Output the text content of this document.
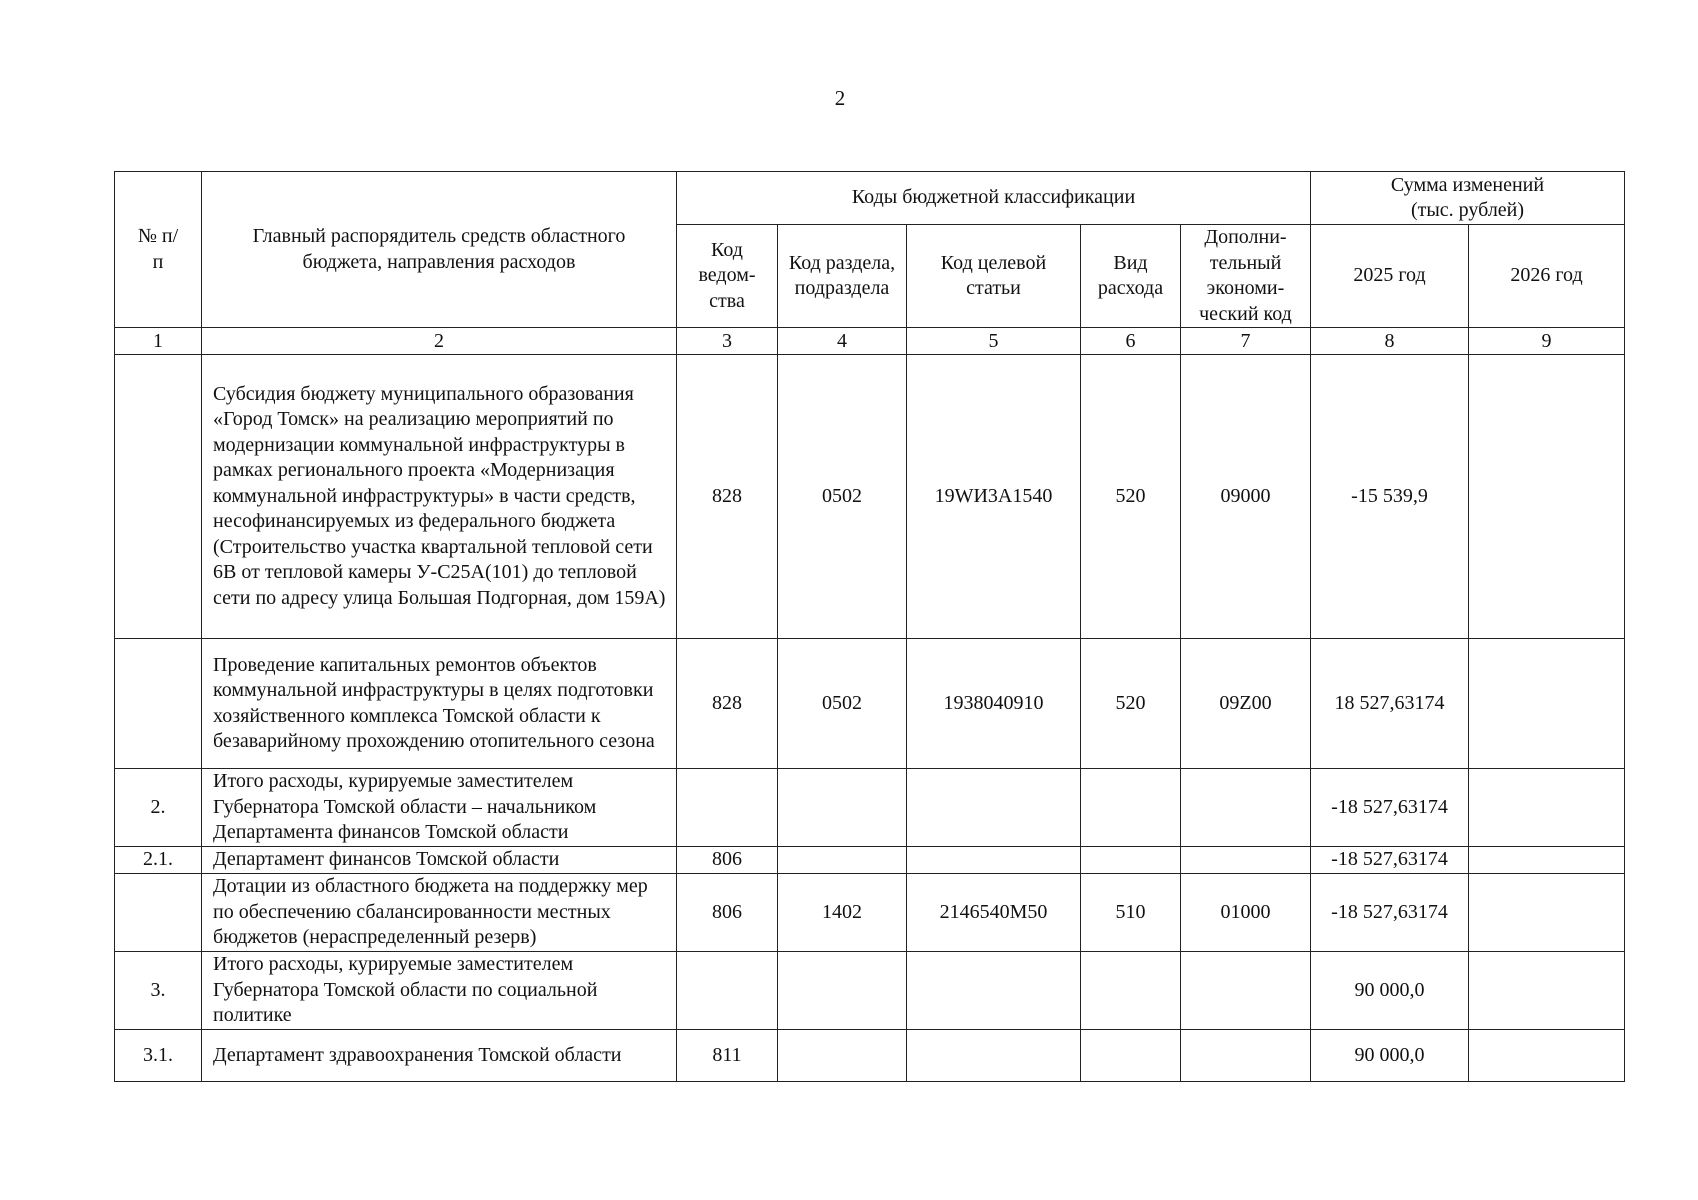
2
№ п/п	Главный распорядитель средств областного бюджета, направления расходов	Коды бюджетной классификации					Сумма изменений (тыс. рублей)	
		Код ведом-ства	Код раздела, подраздела	Код целевой статьи	Вид расхода	Дополни-тельный экономи-ческий код	2025 год	2026 год
1	2	3	4	5	6	7	8	9
	Субсидия бюджету муниципального образования «Город Томск» на реализацию мероприятий по модернизации коммунальной инфраструктуры в рамках регионального проекта «Модернизация коммунальной инфраструктуры» в части средств, несофинансируемых из федерального бюджета (Строительство участка квартальной тепловой сети 6В от тепловой камеры У-С25А(101) до тепловой сети по адресу улица Большая Подгорная, дом 159А)	828	0502	19WИ3А1540	520	09000	-15 539,9	
	Проведение капитальных ремонтов объектов коммунальной инфраструктуры в целях подготовки хозяйственного комплекса Томской области к безаварийному прохождению отопительного сезона	828	0502	1938040910	520	09Z00	18 527,63174	
2.	Итого расходы, курируемые заместителем Губернатора Томской области – начальником Департамента финансов Томской области						-18 527,63174	
2.1.	Департамент финансов Томской области	806					-18 527,63174	
	Дотации из областного бюджета на поддержку мер по обеспечению сбалансированности местных бюджетов (нераспределенный резерв)	806	1402	2146540M50	510	01000	-18 527,63174	
3.	Итого расходы, курируемые заместителем Губернатора Томской области по социальной политике						90 000,0	
3.1.	Департамент здравоохранения Томской области	811					90 000,0	
